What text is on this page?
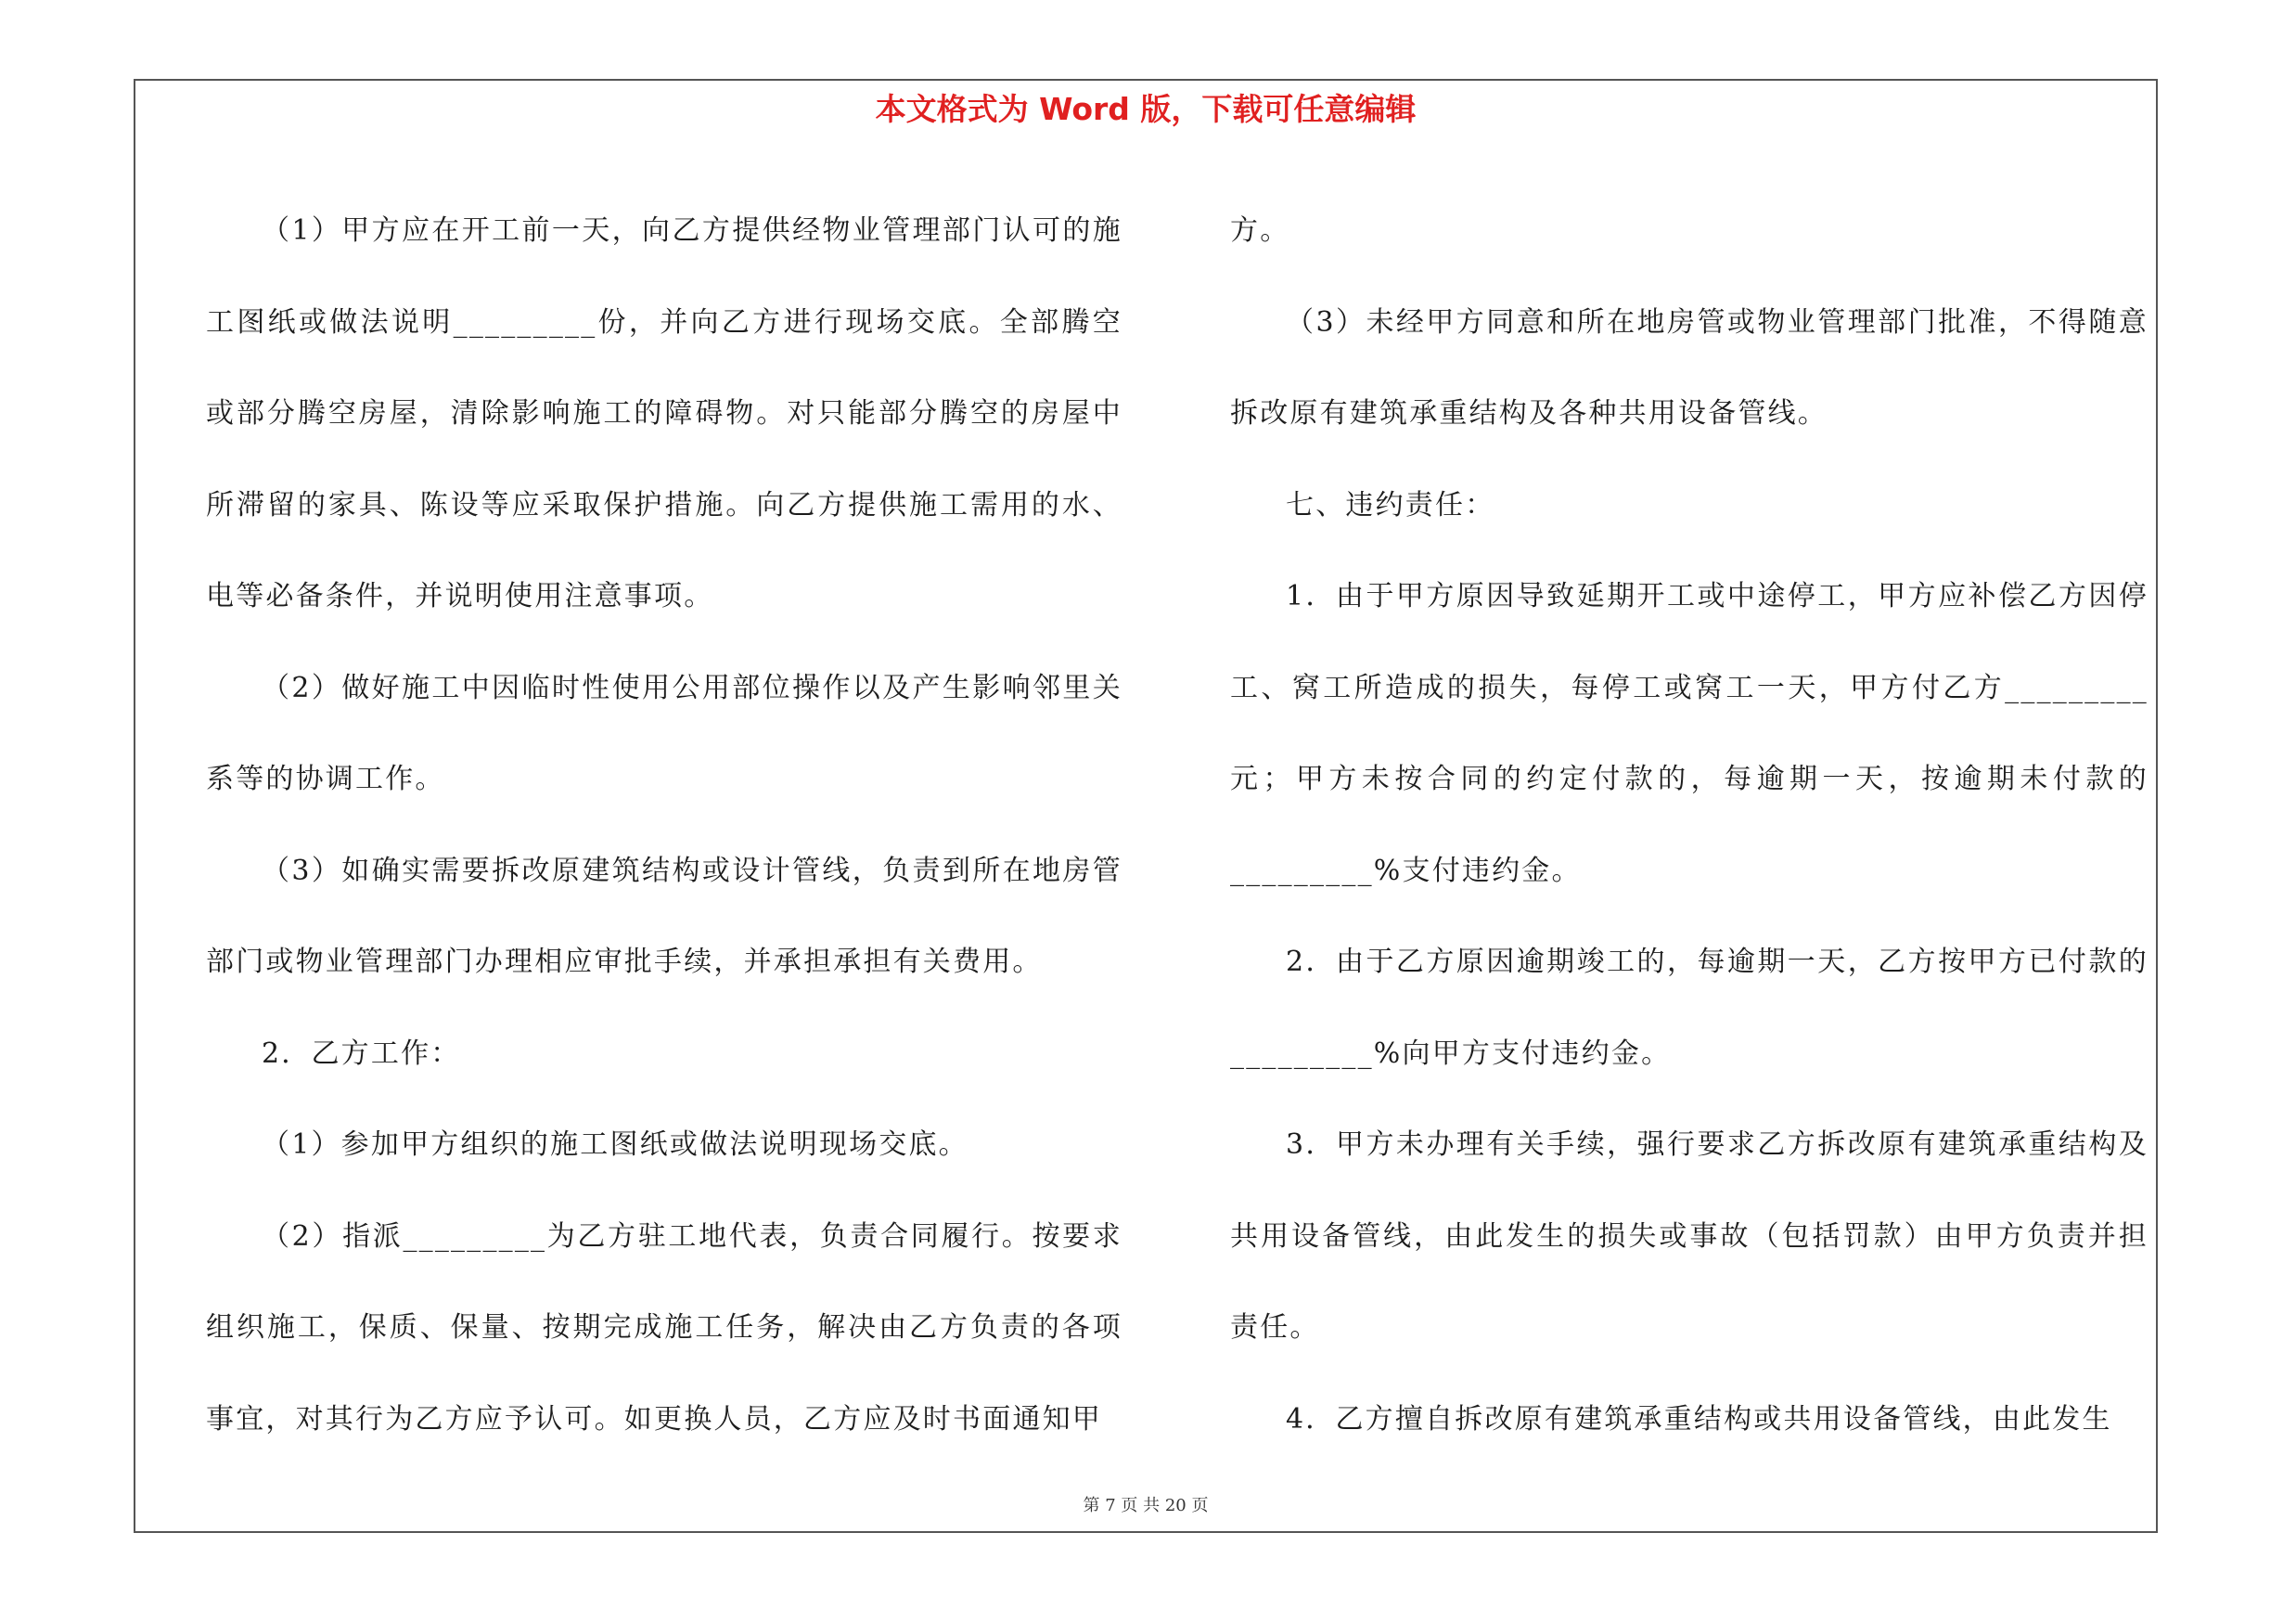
本文格式为 Word 版，下载可任意编辑

（1）甲方应在开工前一天，向乙方提供经物业管理部门认可的施工图纸或做法说明_________份，并向乙方进行现场交底。全部腾空或部分腾空房屋，清除影响施工的障碍物。对只能部分腾空的房屋中所滞留的家具、陈设等应采取保护措施。向乙方提供施工需用的水、电等必备条件，并说明使用注意事项。

（2）做好施工中因临时性使用公用部位操作以及产生影响邻里关系等的协调工作。

（3）如确实需要拆改原建筑结构或设计管线，负责到所在地房管部门或物业管理部门办理相应审批手续，并承担承担有关费用。

2．乙方工作：

（1）参加甲方组织的施工图纸或做法说明现场交底。

（2）指派_________为乙方驻工地代表，负责合同履行。按要求组织施工，保质、保量、按期完成施工任务，解决由乙方负责的各项事宜，对其行为乙方应予认可。如更换人员，乙方应及时书面通知甲

方。

（3）未经甲方同意和所在地房管或物业管理部门批准，不得随意拆改原有建筑承重结构及各种共用设备管线。

七、违约责任：

1．由于甲方原因导致延期开工或中途停工，甲方应补偿乙方因停工、窝工所造成的损失，每停工或窝工一天，甲方付乙方_________元；甲方未按合同的约定付款的，每逾期一天，按逾期未付款的_________%支付违约金。

2．由于乙方原因逾期竣工的，每逾期一天，乙方按甲方已付款的_________%向甲方支付违约金。

3．甲方未办理有关手续，强行要求乙方拆改原有建筑承重结构及共用设备管线，由此发生的损失或事故（包括罚款）由甲方负责并担责任。

4．乙方擅自拆改原有建筑承重结构或共用设备管线，由此发生

第 7 页 共 20 页
